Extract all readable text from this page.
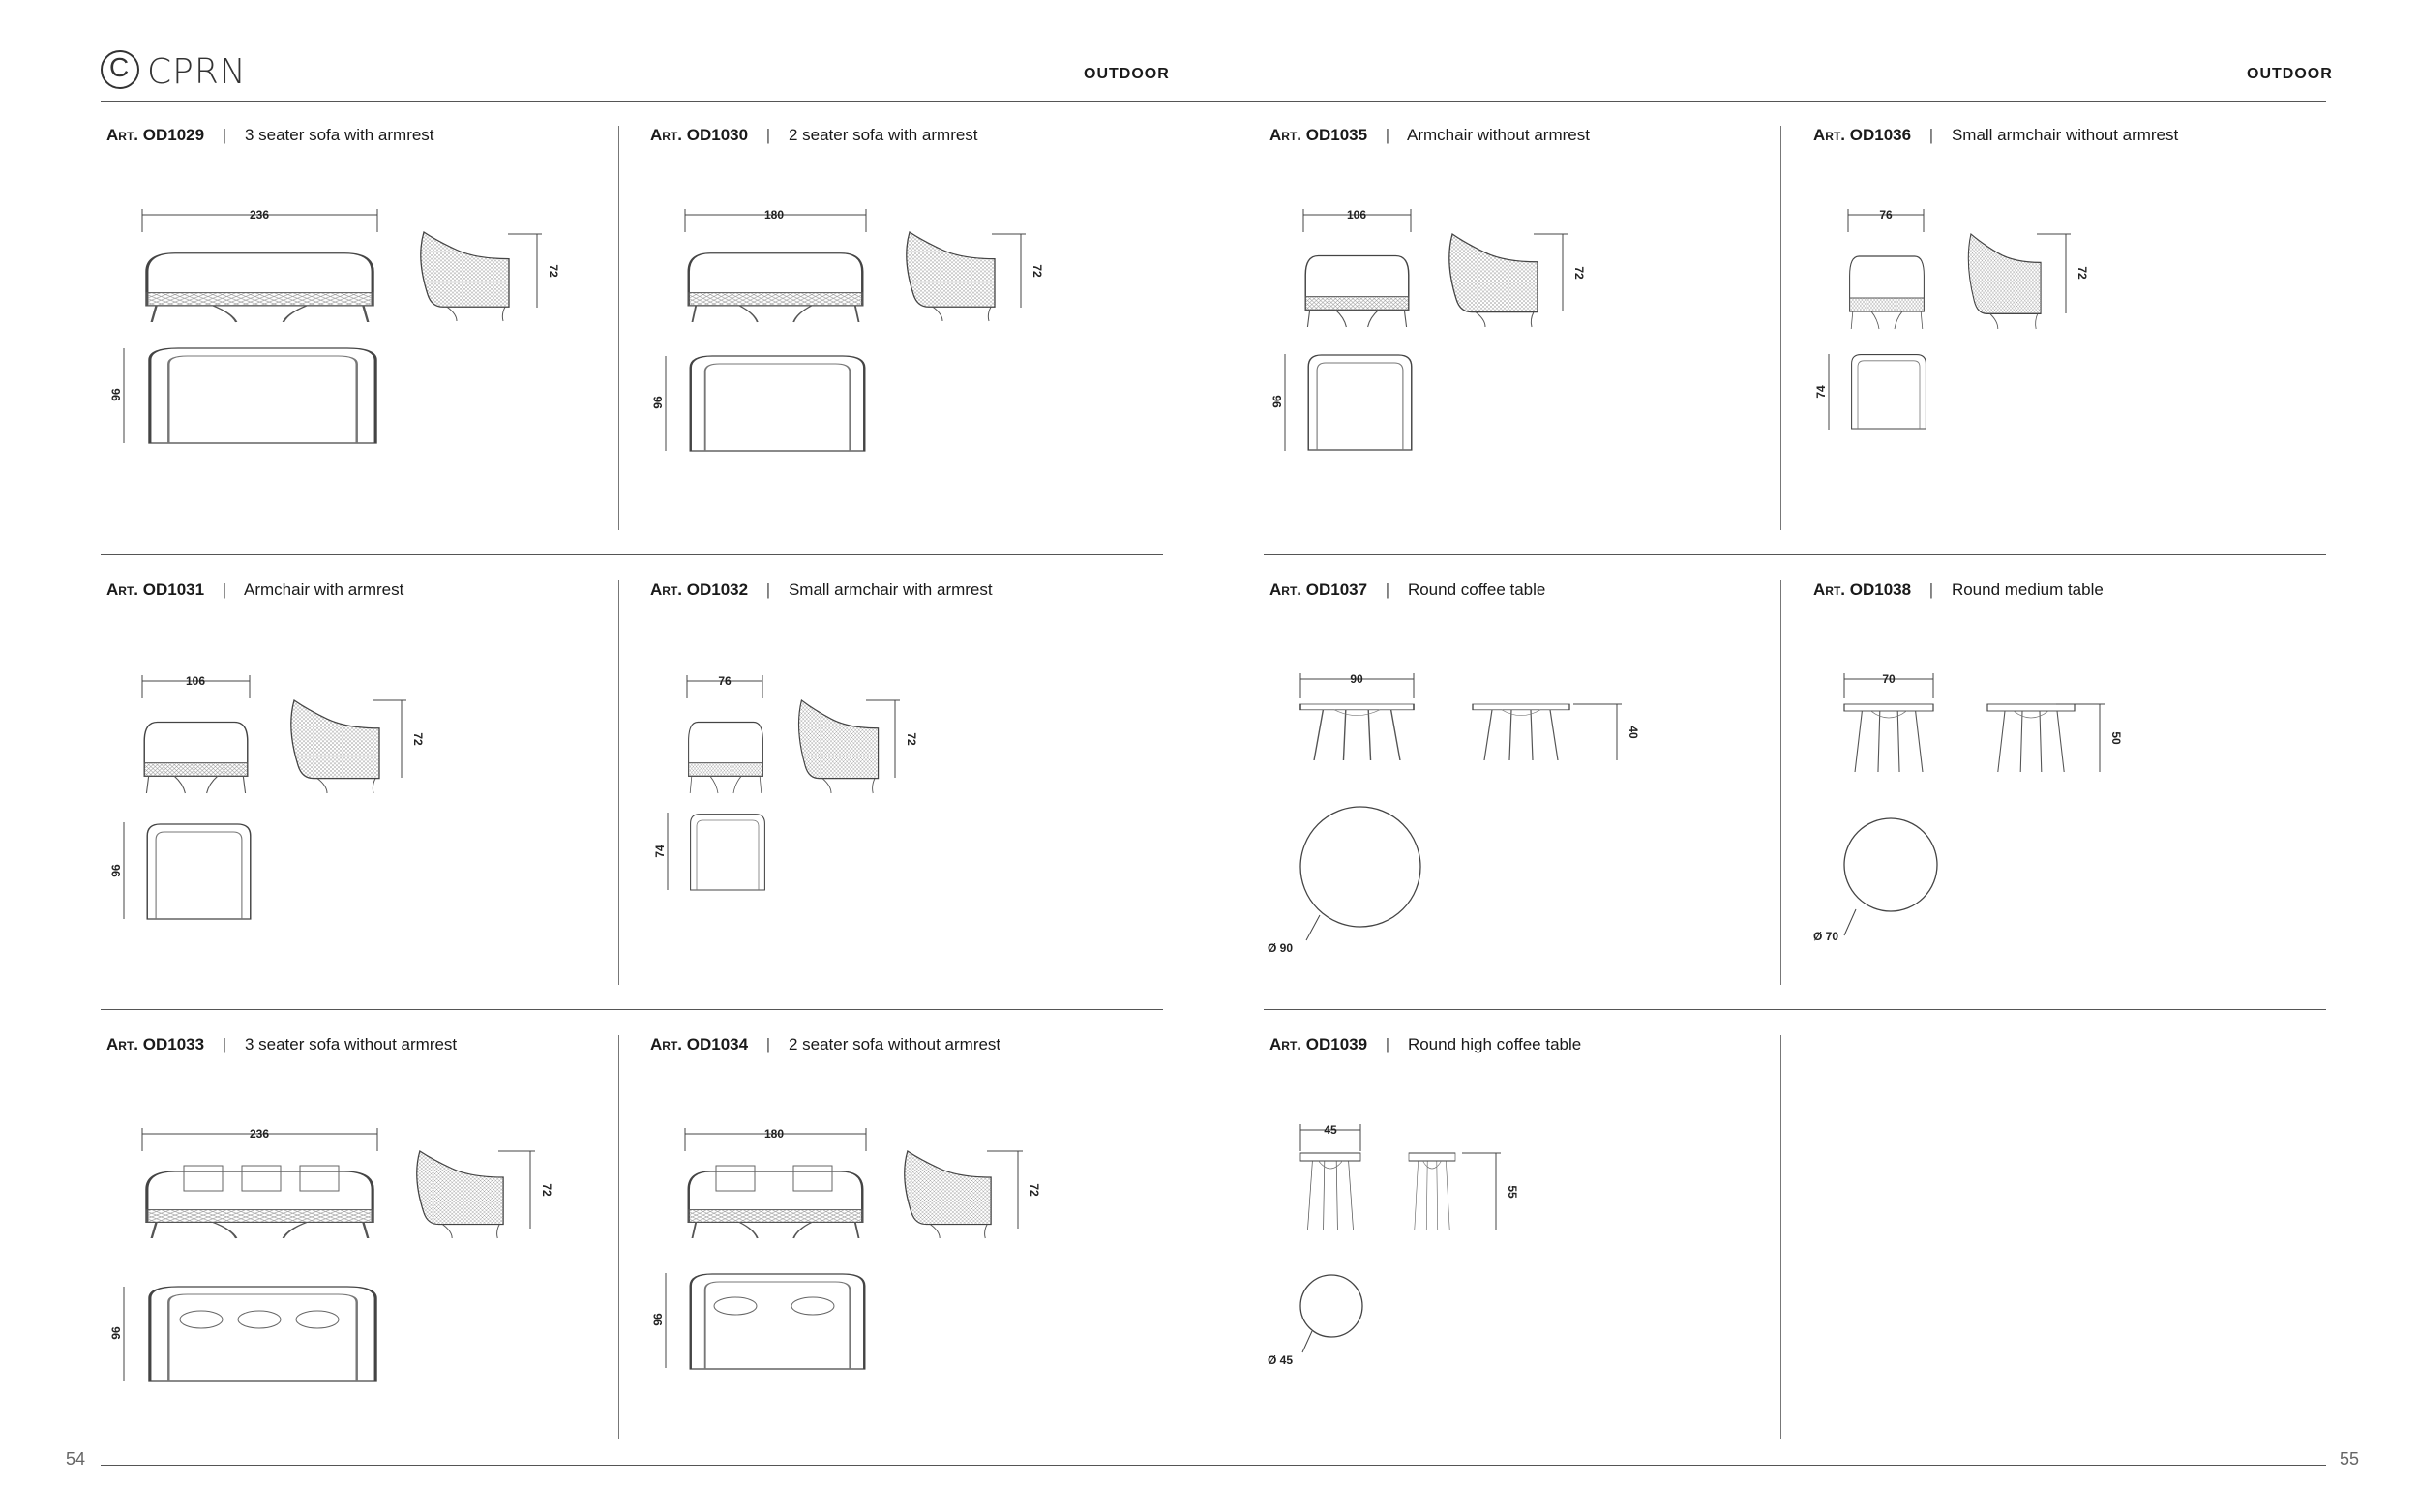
C CPRN	OUTDOOR	OUTDOOR
54	55
Art. OD1029 | 3 seater sofa with armrest
236
72
96
Art. OD1030 | 2 seater sofa with armrest
180
72
96
Art. OD1035 | Armchair without armrest
106
72
96
Art. OD1036 | Small armchair without armrest
76
72
74
Art. OD1031 | Armchair with armrest
106
72
96
Art. OD1032 | Small armchair with armrest
76
72
74
Art. OD1037 | Round coffee table
90
40
Ø 90
Art. OD1038 | Round medium table
70
50
Ø 70
Art. OD1033 | 3 seater sofa without armrest
236
72
96
Art. OD1034 | 2 seater sofa without armrest
180
72
96
Art. OD1039 | Round high coffee table
45
55
Ø 45
